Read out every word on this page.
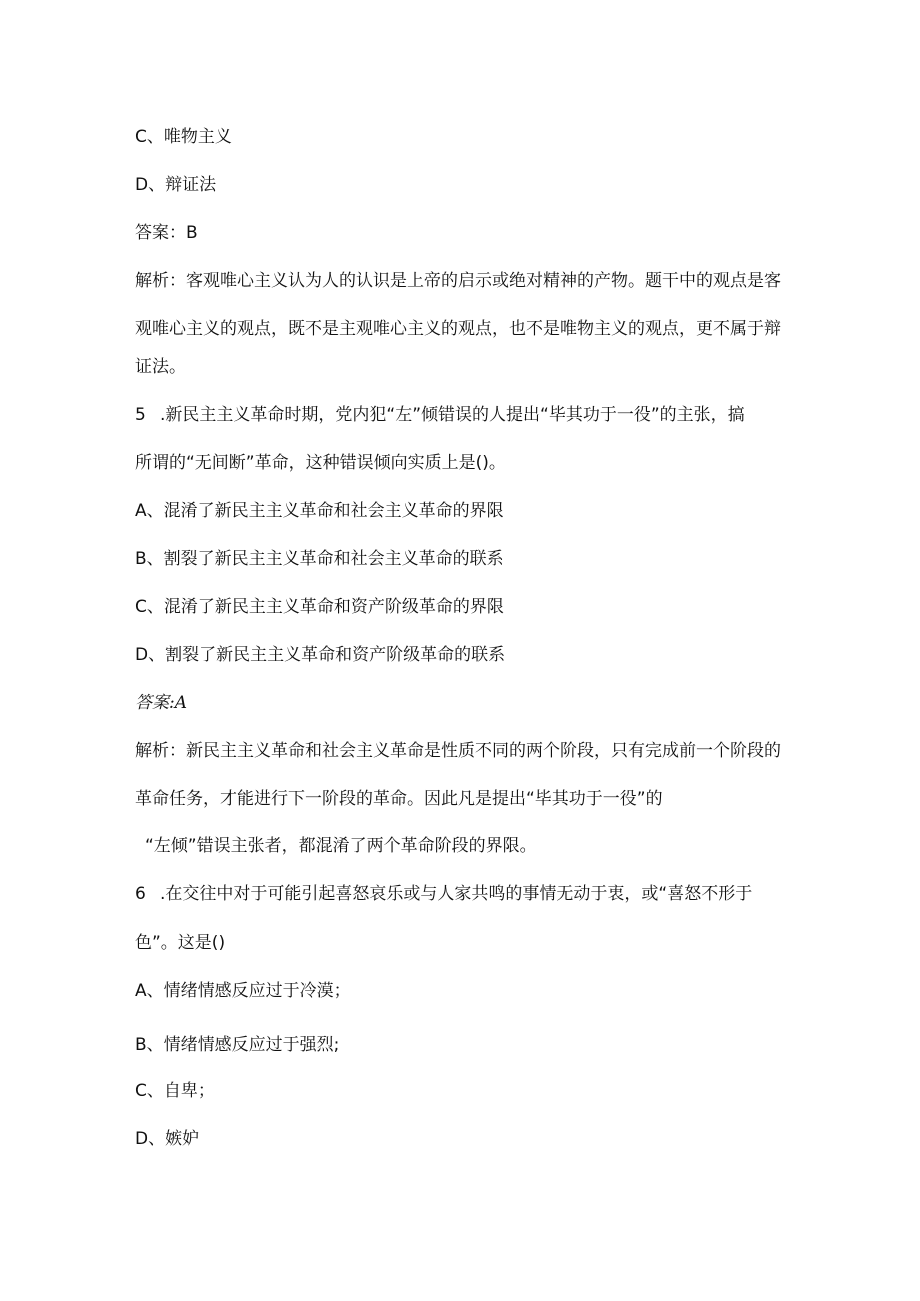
C、唯物主义
D、辩证法
答案：B
解析：客观唯心主义认为人的认识是上帝的启示或绝对精神的产物。题干中的观点是客
观唯心主义的观点，既不是主观唯心主义的观点，也不是唯物主义的观点，更不属于辩
证法。
5 .新民主主义革命时期，党内犯“左”倾错误的人提出“毕其功于一役”的主张，搞
所谓的“无间断”革命，这种错误倾向实质上是()。
A、混淆了新民主主义革命和社会主义革命的界限
B、割裂了新民主主义革命和社会主义革命的联系
C、混淆了新民主主义革命和资产阶级革命的界限
D、割裂了新民主主义革命和资产阶级革命的联系
答案:A
解析：新民主主义革命和社会主义革命是性质不同的两个阶段，只有完成前一个阶段的
革命任务，才能进行下一阶段的革命。因此凡是提出“毕其功于一役”的
“左倾”错误主张者，都混淆了两个革命阶段的界限。
6 .在交往中对于可能引起喜怒哀乐或与人家共鸣的事情无动于衷，或“喜怒不形于
色”。这是()
A、情绪情感反应过于冷漠；
B、情绪情感反应过于强烈;
C、自卑；
D、嫉妒
